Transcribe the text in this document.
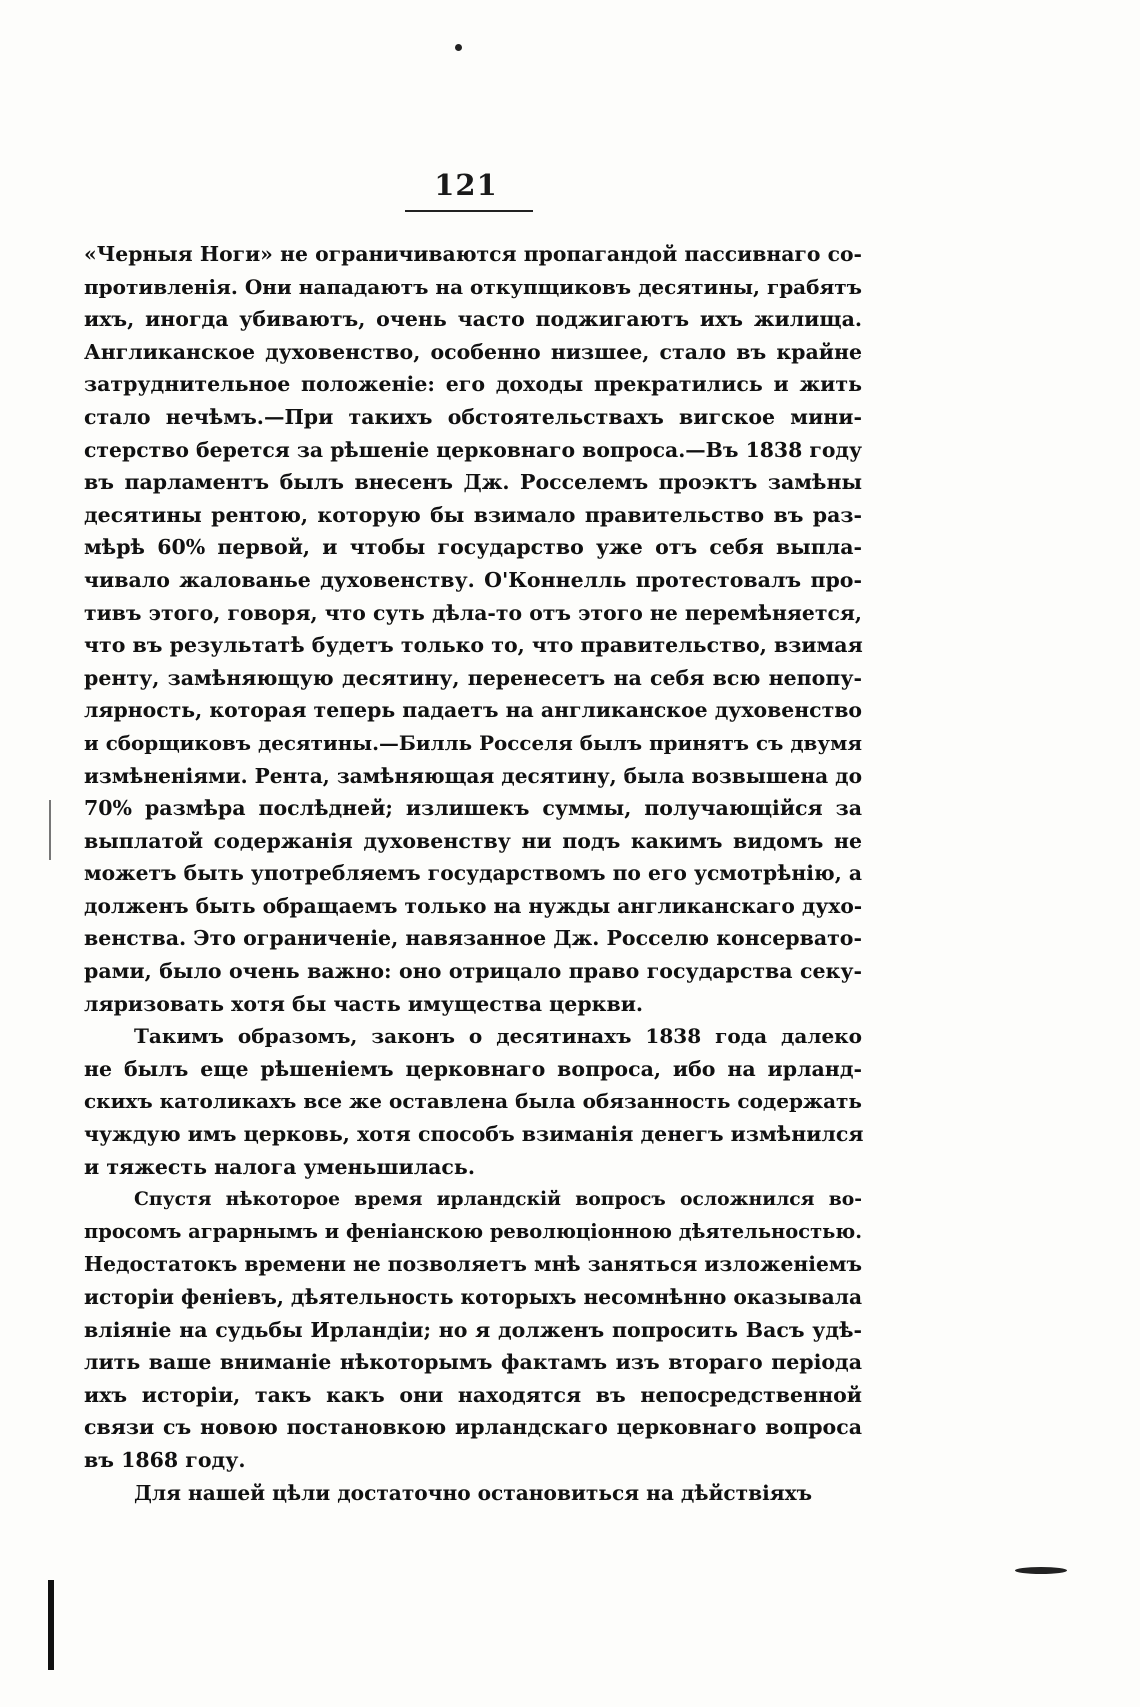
121

«Черныя Ноги» не ограничиваются пропагандой пассивнаго со-
противленія. Они нападаютъ на откупщиковъ десятины, грабятъ
ихъ, иногда убиваютъ, очень часто поджигаютъ ихъ жилища.
Англиканское духовенство, особенно низшее, стало въ крайне
затруднительное положеніе: его доходы прекратились и жить
стало нечѣмъ.—При такихъ обстоятельствахъ вигское мини-
стерство берется за рѣшеніе церковнаго вопроса.—Въ 1838 году
въ парламентъ былъ внесенъ Дж. Росселемъ проэктъ замѣны
десятины рентою, которую бы взимало правительство въ раз-
мѣрѣ 60% первой, и чтобы государство уже отъ себя выпла-
чивало жалованье духовенству. О'Коннелль протестовалъ про-
тивъ этого, говоря, что суть дѣла-то отъ этого не перемѣняется,
что въ результатѣ будетъ только то, что правительство, взимая
ренту, замѣняющую десятину, перенесетъ на себя всю непопу-
лярность, которая теперь падаетъ на англиканское духовенство
и сборщиковъ десятины.—Билль Росселя былъ принятъ съ двумя
измѣненіями. Рента, замѣняющая десятину, была возвышена до
70% размѣра послѣдней; излишекъ суммы, получающійся за
выплатой содержанія духовенству ни подъ какимъ видомъ не
можетъ быть употребляемъ государствомъ по его усмотрѣнію, а
долженъ быть обращаемъ только на нужды англиканскаго духо-
венства. Это ограниченіе, навязанное Дж. Росселю консервато-
рами, было очень важно: оно отрицало право государства секу-
ляризовать хотя бы часть имущества церкви.

Такимъ образомъ, законъ о десятинахъ 1838 года далеко
не былъ еще рѣшеніемъ церковнаго вопроса, ибо на ирланд-
скихъ католикахъ все же оставлена была обязанность содержать
чуждую имъ церковь, хотя способъ взиманія денегъ измѣнился
и тяжесть налога уменьшилась.

Спустя нѣкоторое время ирландскій вопросъ осложнился во-
просомъ аграрнымъ и феніанскою революціонною дѣятельностью.
Недостатокъ времени не позволяетъ мнѣ заняться изложеніемъ
исторіи феніевъ, дѣятельность которыхъ несомнѣнно оказывала
вліяніе на судьбы Ирландіи; но я долженъ попросить Васъ удѣ-
лить ваше вниманіе нѣкоторымъ фактамъ изъ втораго періода
ихъ исторіи, такъ какъ они находятся въ непосредственной
связи съ новою постановкою ирландскаго церковнаго вопроса
въ 1868 году.

Для нашей цѣли достаточно остановиться на дѣйствіяхъ
